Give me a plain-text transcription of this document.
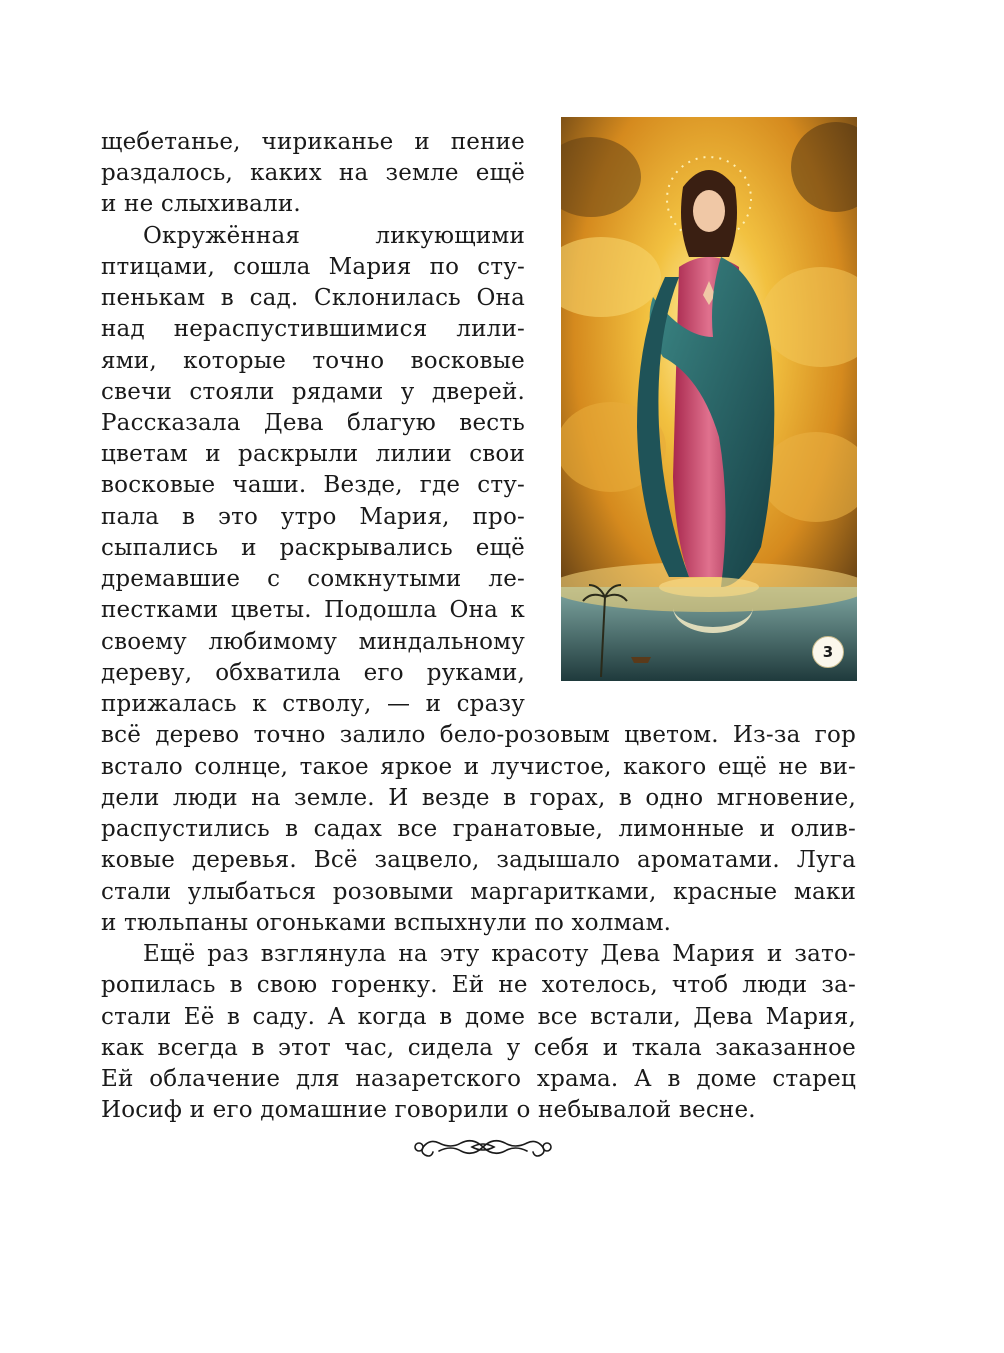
щебетанье, чириканье и пение
раздалось, каких на земле ещё
и не слыхивали.
Окружённая ликующими
птицами, сошла Мария по сту-
пенькам в сад. Склонилась Она
над нераспустившимися лили-
ями, которые точно восковые
свечи стояли рядами у дверей.
Рассказала Дева благую весть
цветам и раскрыли лилии свои
восковые чаши. Везде, где сту-
пала в это утро Мария, про-
сыпались и раскрывались ещё
дремавшие с сомкнутыми ле-
пестками цветы. Подошла Она к
своему любимому миндальному
дереву, обхватила его руками,
прижалась к стволу, — и сразу
всё дерево точно залило бело-розовым цветом. Из-за гор
встало солнце, такое яркое и лучистое, какого ещё не ви-
дели люди на земле. И везде в горах, в одно мгновение,
распустились в садах все гранатовые, лимонные и олив-
ковые деревья. Всё зацвело, задышало ароматами. Луга
стали улыбаться розовыми маргаритками, красные маки
и тюльпаны огоньками вспыхнули по холмам.
Ещё раз взглянула на эту красоту Дева Мария и зато-
ропилась в свою горенку. Ей не хотелось, чтоб люди за-
стали Её в саду. А когда в доме все встали, Дева Мария,
как всегда в этот час, сидела у себя и ткала заказанное
Ей облачение для назаретского храма. А в доме старец
Иосиф и его домашние говорили о небывалой весне.
3
